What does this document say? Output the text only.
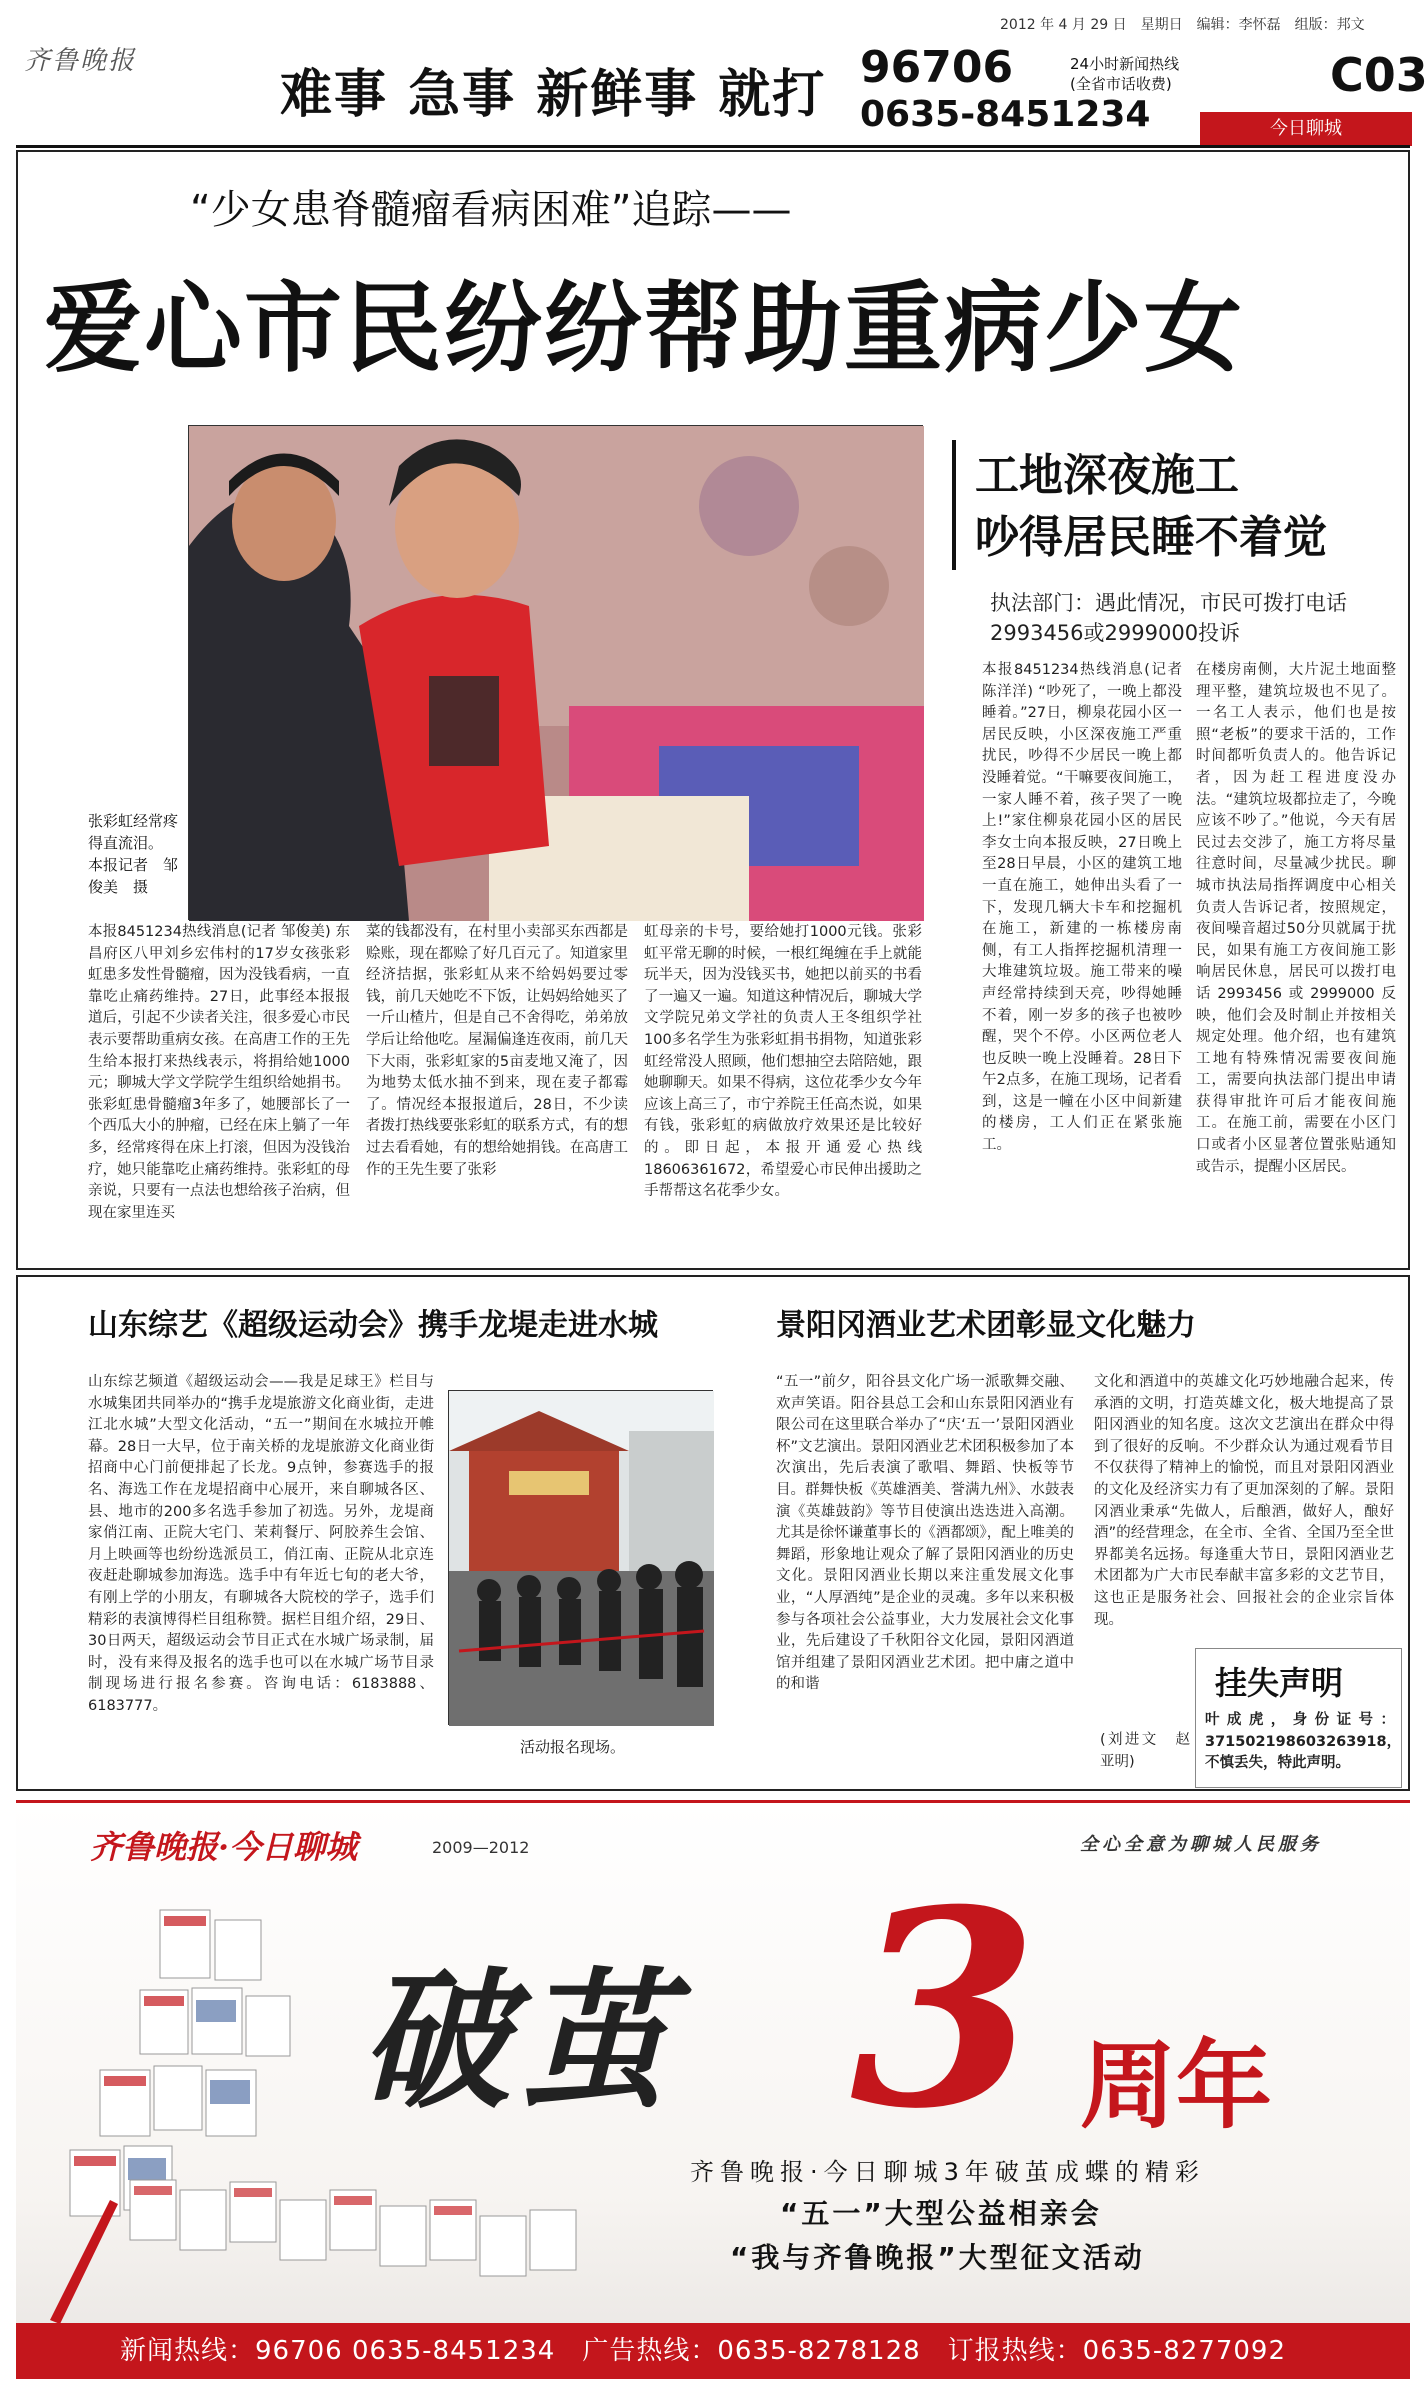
2012 年 4 月 29 日　星期日　编辑：李怀磊　组版：邦文
齐鲁晚报
难事 急事 新鲜事 就打 96706	24小时新闻热线
(全省市话收费)
0635-8451234
C03
今日聊城
“少女患脊髓瘤看病困难”追踪——
爱心市民纷纷帮助重病少女
张彩虹经常疼得直流泪。
本报记者　邹俊美　摄
本报8451234热线消息(记者 邹俊美) 东昌府区八甲刘乡宏伟村的17岁女孩张彩虹患多发性骨髓瘤，因为没钱看病，一直靠吃止痛药维持。27日，此事经本报报道后，引起不少读者关注，很多爱心市民表示要帮助重病女孩。在高唐工作的王先生给本报打来热线表示，将捐给她1000元；聊城大学文学院学生组织给她捐书。张彩虹患骨髓瘤3年多了，她腰部长了一个西瓜大小的肿瘤，已经在床上躺了一年多，经常疼得在床上打滚，但因为没钱治疗，她只能靠吃止痛药维持。张彩虹的母亲说，只要有一点法也想给孩子治病，但现在家里连买
菜的钱都没有，在村里小卖部买东西都是赊账，现在都赊了好几百元了。知道家里经济拮据，张彩虹从来不给妈妈要过零钱，前几天她吃不下饭，让妈妈给她买了一斤山楂片，但是自己不舍得吃，弟弟放学后让给他吃。屋漏偏逢连夜雨，前几天下大雨，张彩虹家的5亩麦地又淹了，因为地势太低水抽不到来，现在麦子都霉了。情况经本报报道后，28日，不少读者拨打热线要张彩虹的联系方式，有的想过去看看她，有的想给她捐钱。在高唐工作的王先生要了张彩
虹母亲的卡号，要给她打1000元钱。张彩虹平常无聊的时候，一根红绳缠在手上就能玩半天，因为没钱买书，她把以前买的书看了一遍又一遍。知道这种情况后，聊城大学文学院兄弟文学社的负责人王冬组织学社100多名学生为张彩虹捐书捐物，知道张彩虹经常没人照顾，他们想抽空去陪陪她，跟她聊聊天。如果不得病，这位花季少女今年应该上高三了，市宁养院王任高杰说，如果有钱，张彩虹的病做放疗效果还是比较好的。即日起，本报开通爱心热线18606361672，希望爱心市民伸出援助之手帮帮这名花季少女。
工地深夜施工
吵得居民睡不着觉
执法部门：遇此情况，市民可拨打电话2993456或2999000投诉
本报8451234热线消息(记者 陈洋洋) “吵死了，一晚上都没睡着。”27日，柳泉花园小区一居民反映，小区深夜施工严重扰民，吵得不少居民一晚上都没睡着觉。“干嘛要夜间施工，一家人睡不着，孩子哭了一晚上!”家住柳泉花园小区的居民李女士向本报反映，27日晚上至28日早晨，小区的建筑工地一直在施工，她伸出头看了一下，发现几辆大卡车和挖掘机在施工，新建的一栋楼房南侧，有工人指挥挖掘机清理一大堆建筑垃圾。施工带来的噪声经常持续到天亮，吵得她睡不着，刚一岁多的孩子也被吵醒，哭个不停。小区两位老人也反映一晚上没睡着。28日下午2点多，在施工现场，记者看到，这是一幢在小区中间新建的楼房，工人们正在紧张施工。
在楼房南侧，大片泥土地面整理平整，建筑垃圾也不见了。一名工人表示，他们也是按照“老板”的要求干活的，工作时间都听负责人的。他告诉记者，因为赶工程进度没办法。“建筑垃圾都拉走了，今晚应该不吵了。”他说，今天有居民过去交涉了，施工方将尽量往意时间，尽量减少扰民。聊城市执法局指挥调度中心相关负责人告诉记者，按照规定，夜间噪音超过50分贝就属于扰民，如果有施工方夜间施工影响居民休息，居民可以拨打电话2993456或2999000反映，他们会及时制止并按相关规定处理。他介绍，也有建筑工地有特殊情况需要夜间施工，需要向执法部门提出申请获得审批许可后才能夜间施工。在施工前，需要在小区门口或者小区显著位置张贴通知或告示，提醒小区居民。
山东综艺《超级运动会》携手龙堤走进水城
山东综艺频道《超级运动会——我是足球王》栏目与水城集团共同举办的“携手龙堤旅游文化商业街，走进江北水城”大型文化活动，“五一”期间在水城拉开帷幕。28日一大早，位于南关桥的龙堤旅游文化商业街招商中心门前便排起了长龙。9点钟，参赛选手的报名、海选工作在龙堤招商中心展开，来自聊城各区、县、地市的200多名选手参加了初选。另外，龙堤商家俏江南、正院大宅门、茉莉餐厅、阿胶养生会馆、月上映画等也纷纷选派员工，俏江南、正院从北京连夜赶赴聊城参加海选。选手中有年近七旬的老大爷，有刚上学的小朋友，有聊城各大院校的学子，选手们精彩的表演博得栏目组称赞。据栏目组介绍，29日、30日两天，超级运动会节目正式在水城广场录制，届时，没有来得及报名的选手也可以在水城广场节目录制现场进行报名参赛。咨询电话：6183888、6183777。
活动报名现场。
景阳冈酒业艺术团彰显文化魅力
“五一”前夕，阳谷县文化广场一派歌舞交融、欢声笑语。阳谷县总工会和山东景阳冈酒业有限公司在这里联合举办了“庆‘五一’景阳冈酒业杯”文艺演出。景阳冈酒业艺术团积极参加了本次演出，先后表演了歌唱、舞蹈、快板等节目。群舞快板《英雄酒美、誉满九州》、水鼓表演《英雄鼓韵》等节目使演出迭迭进入高潮。尤其是徐怀谦董事长的《酒都颂》，配上唯美的舞蹈，形象地让观众了解了景阳冈酒业的历史文化。景阳冈酒业长期以来注重发展文化事业，“人厚酒纯”是企业的灵魂。多年以来积极参与各项社会公益事业，大力发展社会文化事业，先后建设了千秋阳谷文化园，景阳冈酒道馆并组建了景阳冈酒业艺术团。把中庸之道中的和谐
文化和酒道中的英雄文化巧妙地融合起来，传承酒的文明，打造英雄文化，极大地提高了景阳冈酒业的知名度。这次文艺演出在群众中得到了很好的反响。不少群众认为通过观看节目不仅获得了精神上的愉悦，而且对景阳冈酒业的文化及经济实力有了更加深刻的了解。景阳冈酒业秉承“先做人，后酿酒，做好人，酿好酒”的经营理念，在全市、全省、全国乃至全世界都美名远扬。每逢重大节日，景阳冈酒业艺术团都为广大市民奉献丰富多彩的文艺节目，这也正是服务社会、回报社会的企业宗旨体现。
(刘进文　赵亚明)
挂失声明
叶成虎，身份证号：371502198603263918，不慎丢失，特此声明。
齐鲁晚报·今日聊城	2009—2012	全心全意为聊城人民服务
破茧 3 周年
齐鲁晚报·今日聊城3年破茧成蝶的精彩
“五一”大型公益相亲会
“我与齐鲁晚报”大型征文活动
新闻热线：96706 0635-8451234　广告热线：0635-8278128　订报热线：0635-8277092
